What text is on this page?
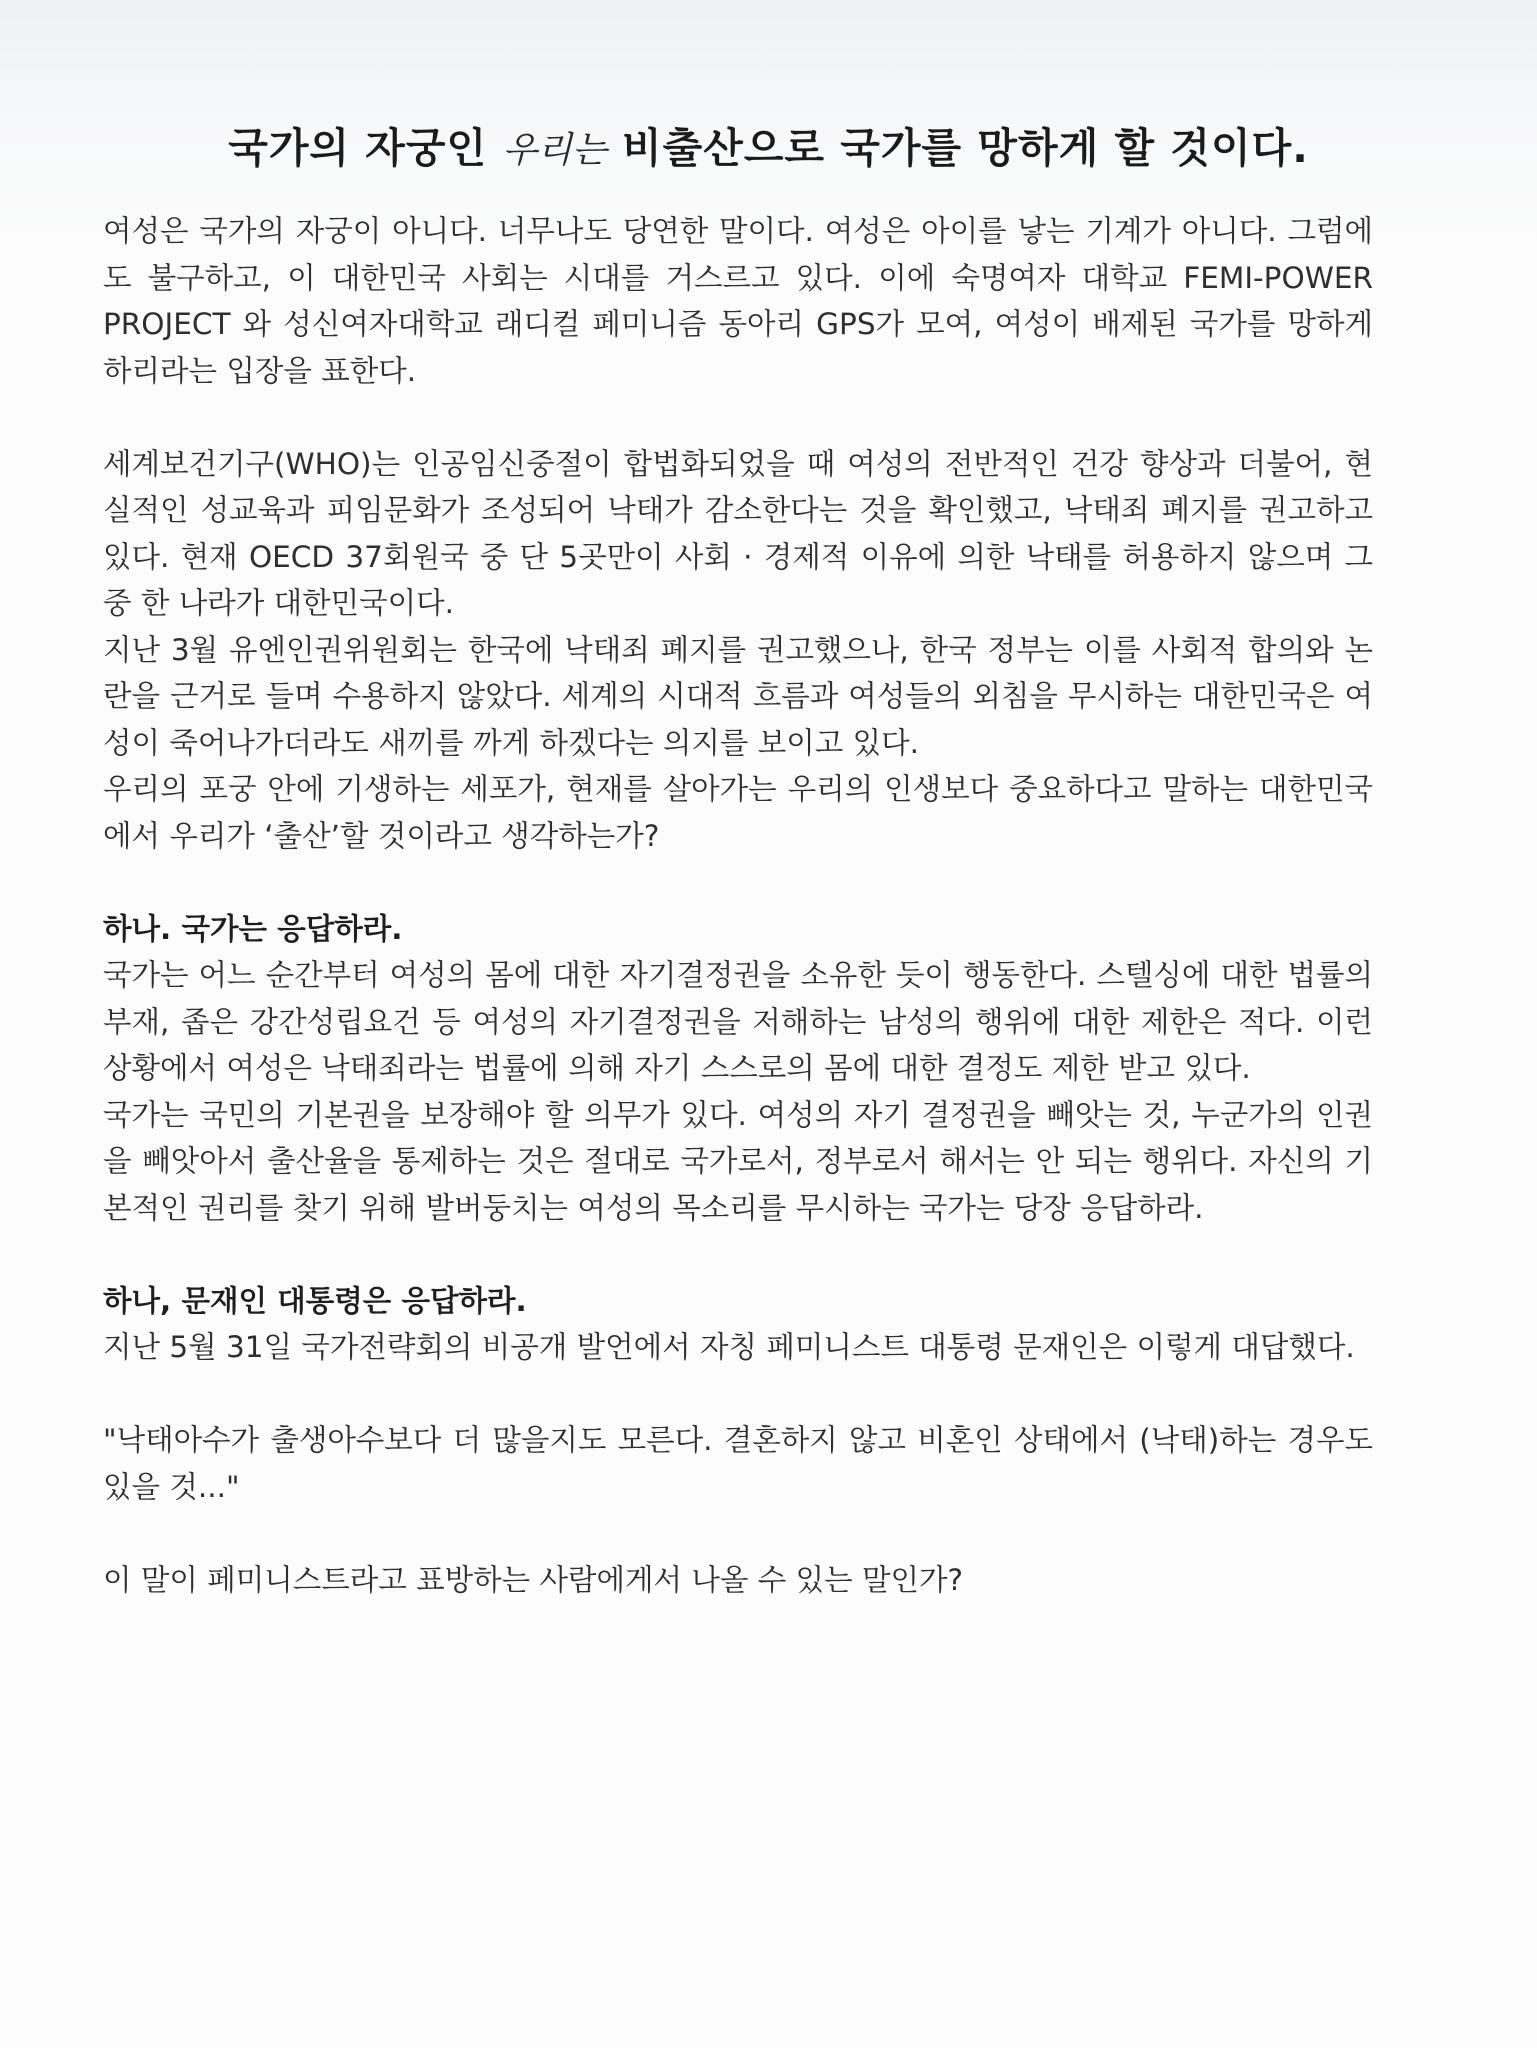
국가의 자궁인 우리는 비출산으로 국가를 망하게 할 것이다.

여성은 국가의 자궁이 아니다. 너무나도 당연한 말이다. 여성은 아이를 낳는 기계가 아니다. 그럼에도 불구하고, 이 대한민국 사회는 시대를 거스르고 있다. 이에 숙명여자 대학교 FEMI-POWER PROJECT 와 성신여자대학교 래디컬 페미니즘 동아리 GPS가 모여, 여성이 배제된 국가를 망하게 하리라는 입장을 표한다.

세계보건기구(WHO)는 인공임신중절이 합법화되었을 때 여성의 전반적인 건강 향상과 더불어, 현실적인 성교육과 피임문화가 조성되어 낙태가 감소한다는 것을 확인했고, 낙태죄 폐지를 권고하고 있다. 현재 OECD 37회원국 중 단 5곳만이 사회 · 경제적 이유에 의한 낙태를 허용하지 않으며 그 중 한 나라가 대한민국이다.

지난 3월 유엔인권위원회는 한국에 낙태죄 폐지를 권고했으나, 한국 정부는 이를 사회적 합의와 논란을 근거로 들며 수용하지 않았다. 세계의 시대적 흐름과 여성들의 외침을 무시하는 대한민국은 여성이 죽어나가더라도 새끼를 까게 하겠다는 의지를 보이고 있다.

우리의 포궁 안에 기생하는 세포가, 현재를 살아가는 우리의 인생보다 중요하다고 말하는 대한민국에서 우리가 ‘출산’할 것이라고 생각하는가?

하나. 국가는 응답하라.

국가는 어느 순간부터 여성의 몸에 대한 자기결정권을 소유한 듯이 행동한다. 스텔싱에 대한 법률의 부재, 좁은 강간성립요건 등 여성의 자기결정권을 저해하는 남성의 행위에 대한 제한은 적다. 이런 상황에서 여성은 낙태죄라는 법률에 의해 자기 스스로의 몸에 대한 결정도 제한 받고 있다.

국가는 국민의 기본권을 보장해야 할 의무가 있다. 여성의 자기 결정권을 빼앗는 것, 누군가의 인권을 빼앗아서 출산율을 통제하는 것은 절대로 국가로서, 정부로서 해서는 안 되는 행위다. 자신의 기본적인 권리를 찾기 위해 발버둥치는 여성의 목소리를 무시하는 국가는 당장 응답하라.

하나, 문재인 대통령은 응답하라.

지난 5월 31일 국가전략회의 비공개 발언에서 자칭 페미니스트 대통령 문재인은 이렇게 대답했다.

"낙태아수가 출생아수보다 더 많을지도 모른다. 결혼하지 않고 비혼인 상태에서 (낙태)하는 경우도 있을 것..."

이 말이 페미니스트라고 표방하는 사람에게서 나올 수 있는 말인가?
